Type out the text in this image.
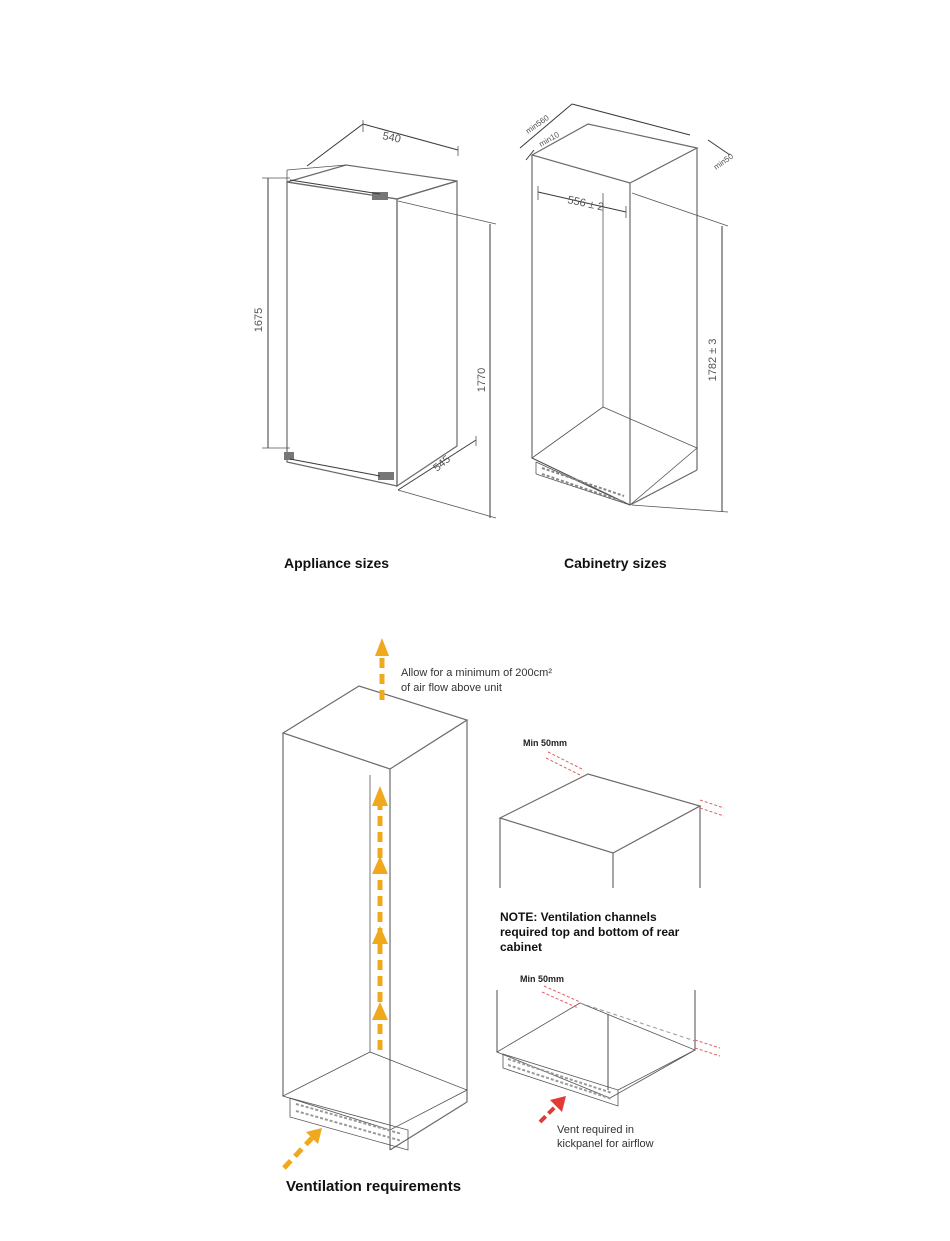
540
1675
1770
545
Appliance sizes
min560
min10
min50
556 ± 2
1782 ± 3
Cabinetry sizes
Allow for a minimum of 200cm²
of air flow above unit
Ventilation requirements
Min 50mm
NOTE: Ventilation channels
required top and bottom of rear
cabinet
Min 50mm
Vent required in
kickpanel for airflow
